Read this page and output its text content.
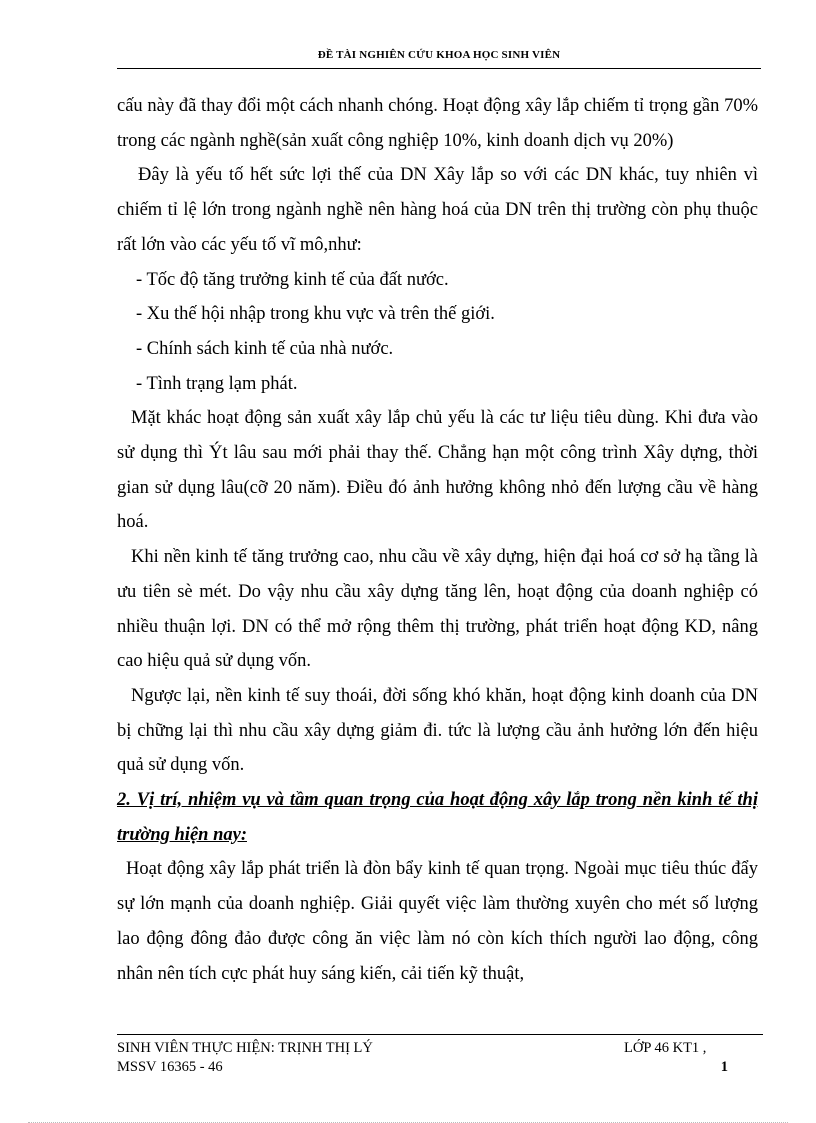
ĐỀ TÀI NGHIÊN CỨU KHOA HỌC SINH VIÊN

cấu này đã thay đổi một cách nhanh chóng. Hoạt động xây lắp chiếm tỉ trọng gần 70% trong các ngành nghề(sản xuất công nghiệp 10%, kinh doanh dịch vụ 20%)

Đây là yếu tố hết sức lợi thế của DN Xây lắp so với các DN khác, tuy nhiên vì chiếm tỉ lệ lớn trong ngành nghề nên hàng hoá của DN trên thị trường còn phụ thuộc rất lớn vào các yếu tố vĩ mô,như:

- Tốc độ tăng trưởng kinh tế của đất nước.

- Xu thế hội nhập trong khu vực và trên thế giới.

- Chính sách kinh tế của nhà nước.

- Tình trạng lạm phát.

Mặt khác hoạt động sản xuất xây lắp chủ yếu là các tư liệu tiêu dùng. Khi đưa vào sử dụng thì Ýt lâu sau mới phải thay thế. Chẳng hạn một công trình Xây dựng, thời gian sử dụng lâu(cỡ 20 năm). Điều đó ảnh hưởng không nhỏ đến lượng cầu về hàng hoá.

Khi nền kinh tế tăng trưởng cao, nhu cầu về xây dựng, hiện đại hoá cơ sở hạ tầng là ưu tiên sè mét. Do vậy nhu cầu xây dựng tăng lên, hoạt động của doanh nghiệp có nhiều thuận lợi. DN có thể mở rộng thêm thị trường, phát triển hoạt động KD, nâng cao hiệu quả sử dụng vốn.

Ngược lại, nền kinh tế suy thoái, đời sống khó khăn, hoạt động kinh doanh của DN bị chững lại thì nhu cầu xây dựng giảm đi. tức là lượng cầu ảnh hưởng lớn đến hiệu quả sử dụng vốn.

2. Vị trí, nhiệm vụ và tầm quan trọng của hoạt động xây lắp trong nền kinh tế thị trường hiện nay:

Hoạt động xây lắp phát triển là đòn bẩy kinh tế quan trọng. Ngoài mục tiêu thúc đẩy sự lớn mạnh của doanh nghiệp. Giải quyết việc làm thường xuyên cho mét số lượng lao động đông đảo được công ăn việc làm nó còn kích thích người lao động, công nhân nên tích cực phát huy sáng kiến, cải tiến kỹ thuật,

SINH VIÊN THỰC HIỆN: TRỊNH THỊ LÝ
MSSV 16365 - 46
LỚP 46 KT1 ,
1
